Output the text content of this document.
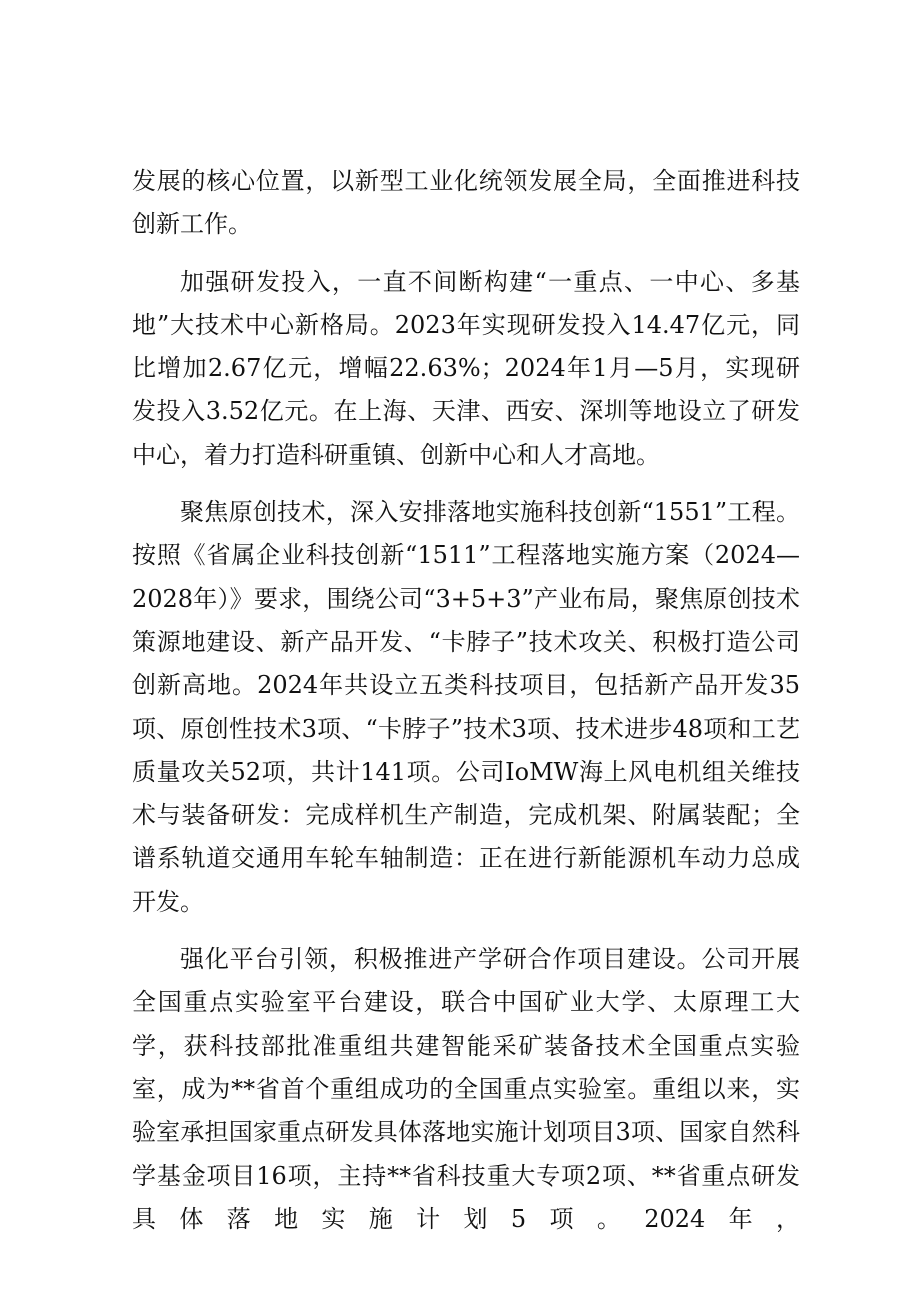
发展的核心位置，以新型工业化统领发展全局，全面推进科技创新工作。

加强研发投入，一直不间断构建“一重点、一中心、多基地”大技术中心新格局。2023年实现研发投入14.47亿元，同比增加2.67亿元，增幅22.63%；2024年1月—5月，实现研发投入3.52亿元。在上海、天津、西安、深圳等地设立了研发中心，着力打造科研重镇、创新中心和人才高地。

聚焦原创技术，深入安排落地实施科技创新“1551”工程。按照《省属企业科技创新“1511”工程落地实施方案（2024—2028年）》要求，围绕公司“3+5+3”产业布局，聚焦原创技术策源地建设、新产品开发、“卡脖子”技术攻关、积极打造公司创新高地。2024年共设立五类科技项目，包括新产品开发35项、原创性技术3项、“卡脖子”技术3项、技术进步48项和工艺质量攻关52项，共计141项。公司IoMW海上风电机组关维技术与装备研发：完成样机生产制造，完成机架、附属装配；全谱系轨道交通用车轮车轴制造：正在进行新能源机车动力总成开发。

强化平台引领，积极推进产学研合作项目建设。公司开展全国重点实验室平台建设，联合中国矿业大学、太原理工大学，获科技部批准重组共建智能采矿装备技术全国重点实验室，成为**省首个重组成功的全国重点实验室。重组以来，实验室承担国家重点研发具体落地实施计划项目3项、国家自然科学基金项目16项，主持**省科技重大专项2项、**省重点研发具体落地实施计划5项。2024年，
